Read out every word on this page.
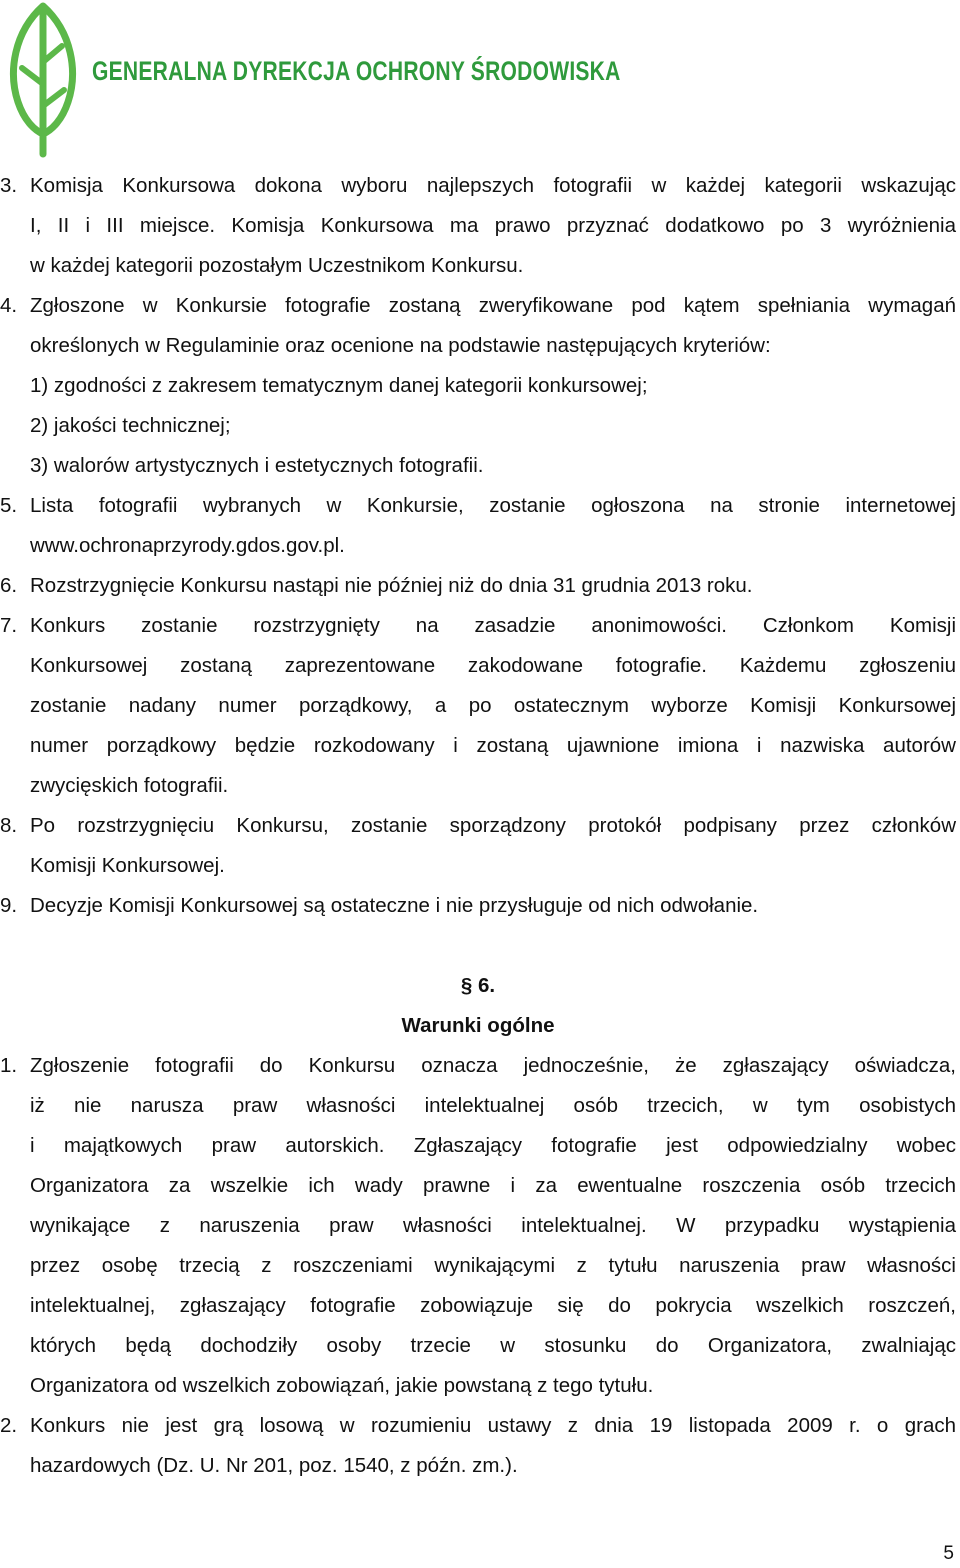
GENERALNA DYREKCJA OCHRONY ŚRODOWISKA
3. Komisja Konkursowa dokona wyboru najlepszych fotografii w każdej kategorii wskazując
I, II i III miejsce. Komisja Konkursowa ma prawo przyznać dodatkowo po 3 wyróżnienia
w każdej kategorii pozostałym Uczestnikom Konkursu.
4. Zgłoszone w Konkursie fotografie zostaną zweryfikowane pod kątem spełniania wymagań
określonych w Regulaminie oraz ocenione na podstawie następujących kryteriów:
1) zgodności z zakresem tematycznym danej kategorii konkursowej;
2) jakości technicznej;
3) walorów artystycznych i estetycznych fotografii.
5. Lista fotografii wybranych w Konkursie, zostanie ogłoszona na stronie internetowej
www.ochronaprzyrody.gdos.gov.pl.
6. Rozstrzygnięcie Konkursu nastąpi nie później niż do dnia 31 grudnia 2013 roku.
7. Konkurs zostanie rozstrzygnięty na zasadzie anonimowości. Członkom Komisji
Konkursowej zostaną zaprezentowane zakodowane fotografie. Każdemu zgłoszeniu
zostanie nadany numer porządkowy, a po ostatecznym wyborze Komisji Konkursowej
numer porządkowy będzie rozkodowany i zostaną ujawnione imiona i nazwiska autorów
zwycięskich fotografii.
8. Po rozstrzygnięciu Konkursu, zostanie sporządzony protokół podpisany przez członków
Komisji Konkursowej.
9. Decyzje Komisji Konkursowej są ostateczne i nie przysługuje od nich odwołanie.
§ 6.
Warunki ogólne
1. Zgłoszenie fotografii do Konkursu oznacza jednocześnie, że zgłaszający oświadcza,
iż nie narusza praw własności intelektualnej osób trzecich, w tym osobistych
i majątkowych praw autorskich. Zgłaszający fotografie jest odpowiedzialny wobec
Organizatora za wszelkie ich wady prawne i za ewentualne roszczenia osób trzecich
wynikające z naruszenia praw własności intelektualnej. W przypadku wystąpienia
przez osobę trzecią z roszczeniami wynikającymi z tytułu naruszenia praw własności
intelektualnej, zgłaszający fotografie zobowiązuje się do pokrycia wszelkich roszczeń,
których będą dochodziły osoby trzecie w stosunku do Organizatora, zwalniając
Organizatora od wszelkich zobowiązań, jakie powstaną z tego tytułu.
2. Konkurs nie jest grą losową w rozumieniu ustawy z dnia 19 listopada 2009 r. o grach
hazardowych (Dz. U. Nr 201, poz. 1540, z późn. zm.).
5
